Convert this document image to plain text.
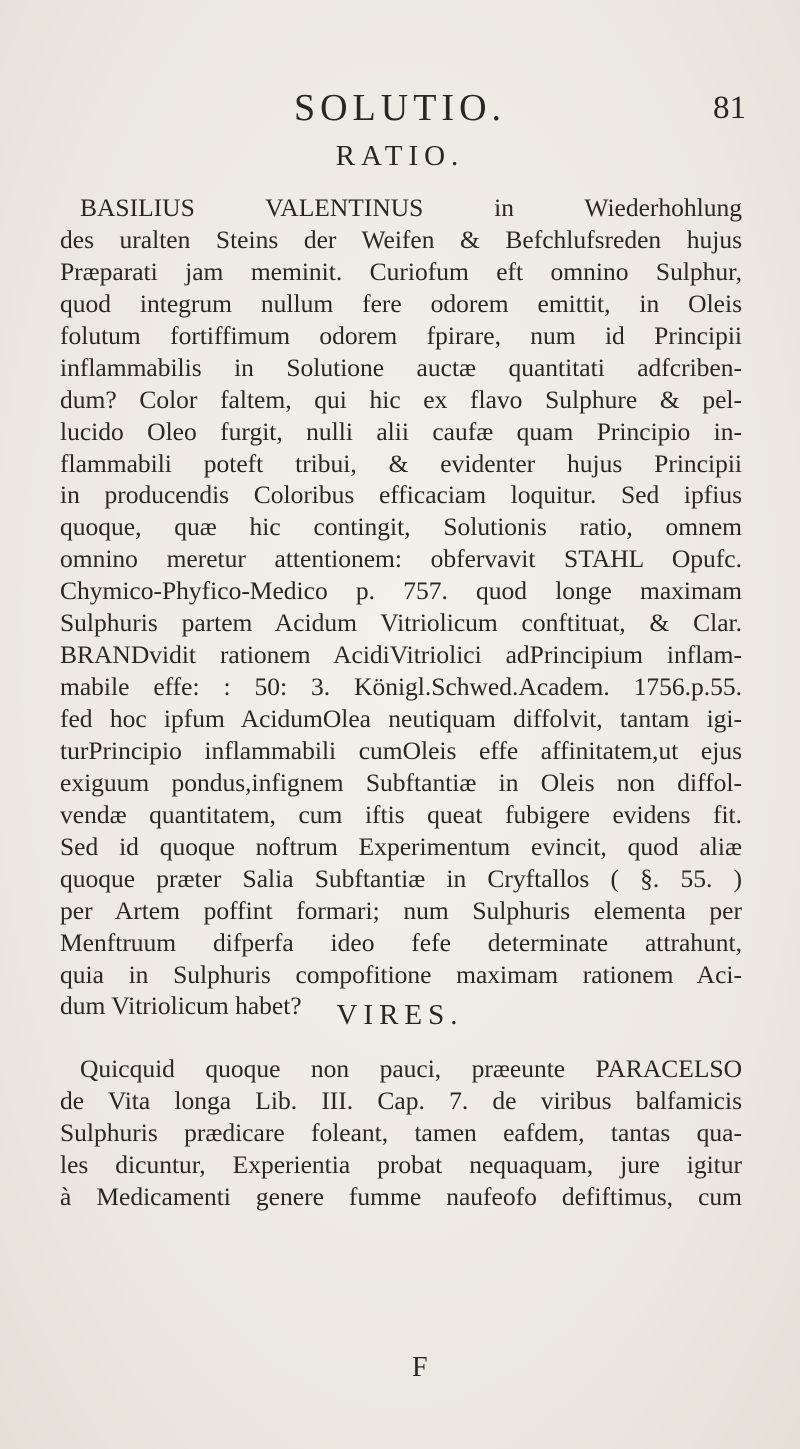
SOLUTIO.	81
RATIO.
BASILIUS VALENTINUS in Wiederhohlung
des uralten Steins der Weifen & Befchlufsreden hujus
Præparati jam meminit. Curiofum eft omnino Sulphur,
quod integrum nullum fere odorem emittit, in Oleis
folutum fortiffimum odorem fpirare, num id Principii
inflammabilis in Solutione auctæ quantitati adfcriben-
dum? Color faltem, qui hic ex flavo Sulphure & pel-
lucido Oleo furgit, nulli alii caufæ quam Principio in-
flammabili poteft tribui, & evidenter hujus Principii
in producendis Coloribus efficaciam loquitur. Sed ipfius
quoque, quæ hic contingit, Solutionis ratio, omnem
omnino meretur attentionem: obfervavit STAHL Opufc.
Chymico-Phyfico-Medico p. 757. quod longe maximam
Sulphuris partem Acidum Vitriolicum conftituat, & Clar.
BRANDvidit rationem AcidiVitriolici adPrincipium inflam-
mabile effe: : 50: 3. Königl.Schwed.Academ. 1756.p.55.
fed hoc ipfum AcidumOlea neutiquam diffolvit, tantam igi-
turPrincipio inflammabili cumOleis effe affinitatem,ut ejus
exiguum pondus,infignem Subftantiæ in Oleis non diffol-
vendæ quantitatem, cum iftis queat fubigere evidens fit.
Sed id quoque noftrum Experimentum evincit, quod aliæ
quoque præter Salia Subftantiæ in Cryftallos ( §. 55. )
per Artem poffint formari; num Sulphuris elementa per
Menftruum difperfa ideo fefe determinate attrahunt,
quia in Sulphuris compofitione maximam rationem Aci-
dum Vitriolicum habet?	VIRES.
Quicquid quoque non pauci, præeunte PARACELSO
de Vita longa Lib. III. Cap. 7. de viribus balfamicis
Sulphuris prædicare foleant, tamen eafdem, tantas qua-
les dicuntur, Experientia probat nequaquam, jure igitur
à Medicamenti genere fumme naufeofo defiftimus, cum
F
